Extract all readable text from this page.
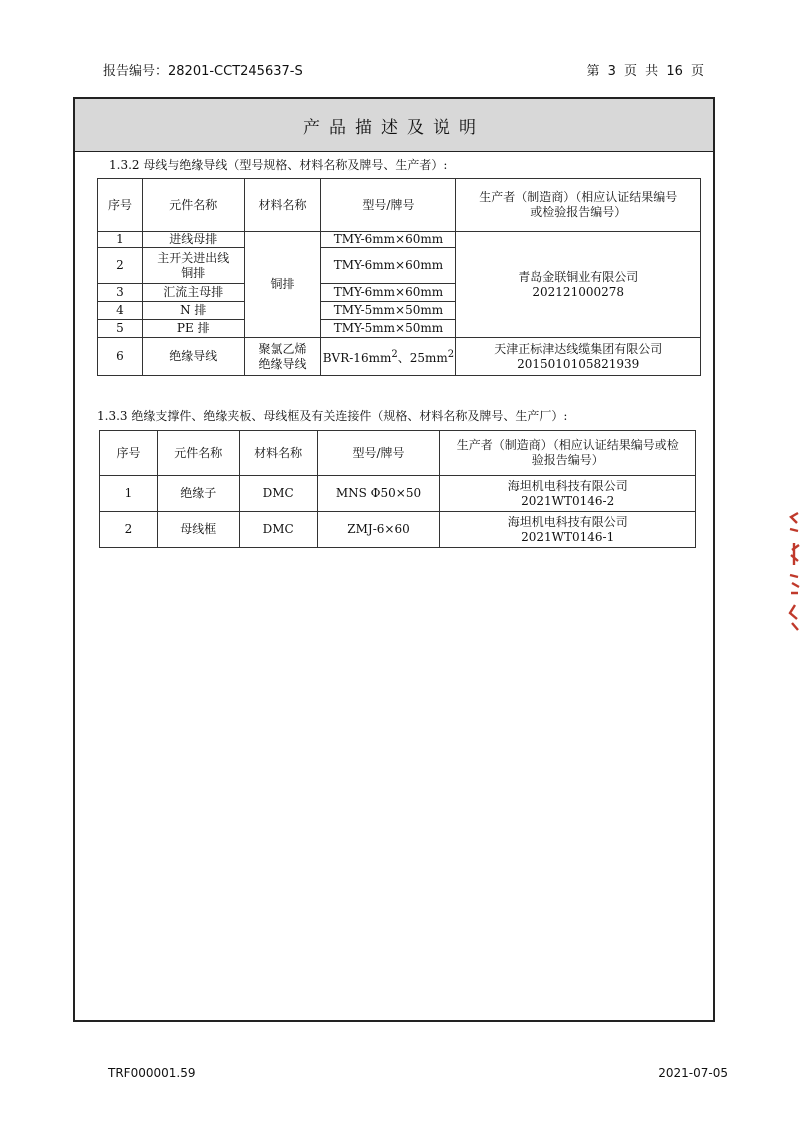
报告编号：28201-CCT245637-S	第 3 页 共 16 页
产品描述及说明
1.3.2 母线与绝缘导线（型号规格、材料名称及牌号、生产者）:
序号	元件名称	材料名称	型号/牌号	生产者（制造商）（相应认证结果编号或检验报告编号）
1	进线母排	铜排	TMY-6mm×60mm	青岛金联铜业有限公司
202121000278

2	主开关进出线铜排		TMY-6mm×60mm	
3	汇流主母排		TMY-6mm×60mm	
4	N 排		TMY-5mm×50mm	
5	PE 排		TMY-5mm×50mm	
6	绝缘导线	聚氯乙烯绝缘导线	BVR-$16mm^2$、$25mm^2$	天津正标津达线缆集团有限公司
2015010105821939
1.3.3 绝缘支撑件、绝缘夹板、母线框及有关连接件（规格、材料名称及牌号、生产厂）:
序号	元件名称	材料名称	型号/牌号	生产者（制造商）（相应认证结果编号或检验报告编号）
1	绝缘子	DMC	MNS Φ50×50	海坦机电科技有限公司
2021WT0146-2

2	母线框	DMC	ZMJ-6×60	海坦机电科技有限公司
2021WT0146-1
TRF000001.59	2021-07-05
